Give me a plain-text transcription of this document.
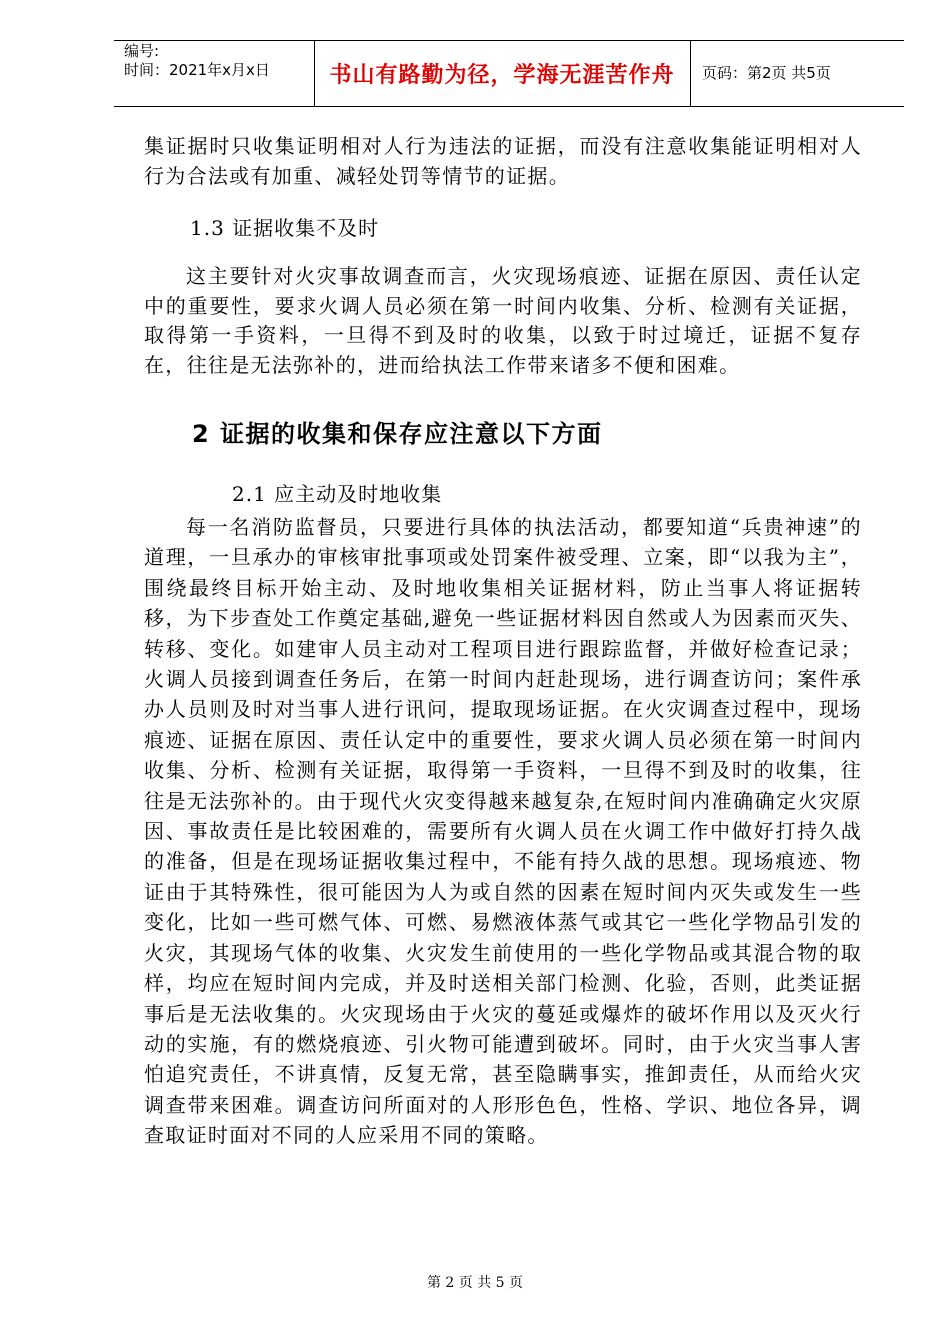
编号:
时间：2021年x月x日	书山有路勤为径，学海无涯苦作舟	页码：第2页 共5页
集证据时只收集证明相对人行为违法的证据，而没有注意收集能证明相对人行为合法或有加重、减轻处罚等情节的证据。
1.3 证据收集不及时
这主要针对火灾事故调查而言，火灾现场痕迹、证据在原因、责任认定中的重要性，要求火调人员必须在第一时间内收集、分析、检测有关证据，取得第一手资料，一旦得不到及时的收集，以致于时过境迁，证据不复存在，往往是无法弥补的，进而给执法工作带来诸多不便和困难。
2 证据的收集和保存应注意以下方面
2.1 应主动及时地收集
每一名消防监督员，只要进行具体的执法活动，都要知道“兵贵神速”的道理，一旦承办的审核审批事项或处罚案件被受理、立案，即“以我为主”，围绕最终目标开始主动、及时地收集相关证据材料，防止当事人将证据转移，为下步查处工作奠定基础,避免一些证据材料因自然或人为因素而灭失、转移、变化。如建审人员主动对工程项目进行跟踪监督，并做好检查记录；火调人员接到调查任务后，在第一时间内赶赴现场，进行调查访问；案件承办人员则及时对当事人进行讯问，提取现场证据。在火灾调查过程中，现场痕迹、证据在原因、责任认定中的重要性，要求火调人员必须在第一时间内收集、分析、检测有关证据，取得第一手资料，一旦得不到及时的收集，往往是无法弥补的。由于现代火灾变得越来越复杂,在短时间内准确确定火灾原因、事故责任是比较困难的，需要所有火调人员在火调工作中做好打持久战的准备，但是在现场证据收集过程中，不能有持久战的思想。现场痕迹、物证由于其特殊性，很可能因为人为或自然的因素在短时间内灭失或发生一些变化，比如一些可燃气体、可燃、易燃液体蒸气或其它一些化学物品引发的火灾，其现场气体的收集、火灾发生前使用的一些化学物品或其混合物的取样，均应在短时间内完成，并及时送相关部门检测、化验，否则，此类证据事后是无法收集的。火灾现场由于火灾的蔓延或爆炸的破坏作用以及灭火行动的实施，有的燃烧痕迹、引火物可能遭到破坏。同时，由于火灾当事人害怕追究责任，不讲真情，反复无常，甚至隐瞒事实，推卸责任，从而给火灾调查带来困难。调查访问所面对的人形形色色，性格、学识、地位各异，调查取证时面对不同的人应采用不同的策略。
第 2 页 共 5 页
